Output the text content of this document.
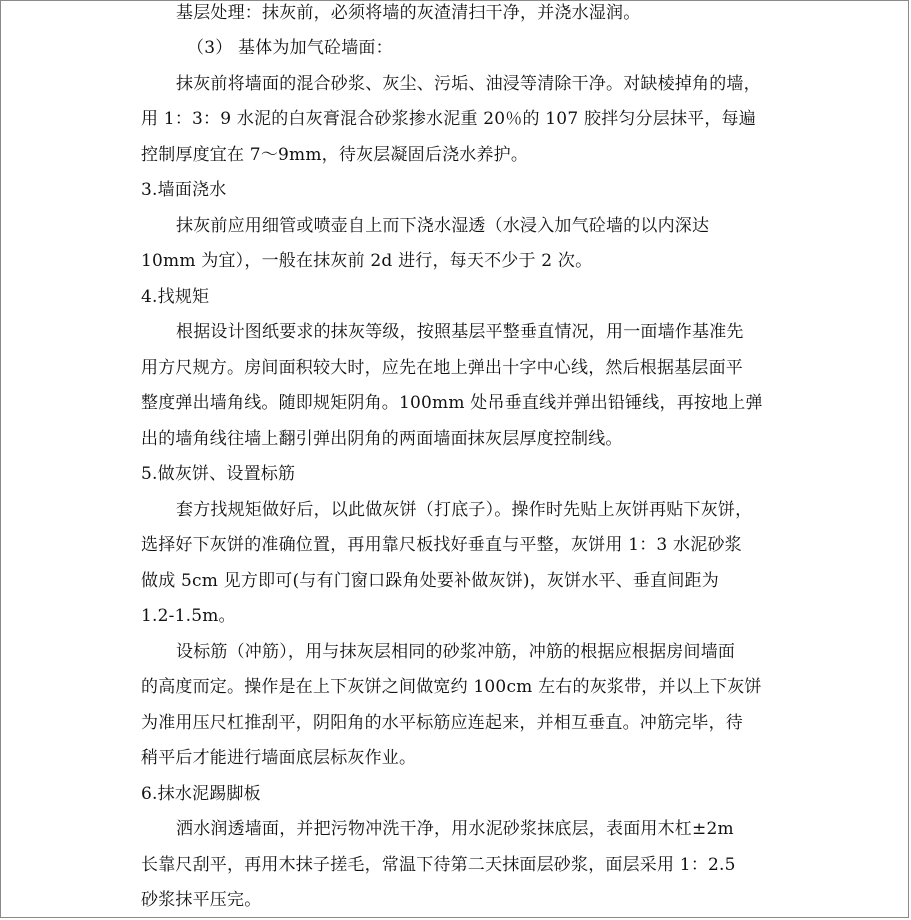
基层处理：抹灰前，必须将墙的灰渣清扫干净，并浇水湿润。
（3） 基体为加气砼墙面：
抹灰前将墙面的混合砂浆、灰尘、污垢、油浸等清除干净。对缺棱掉角的墙，
用 1：3：9 水泥的白灰膏混合砂浆掺水泥重 20％的 107 胶拌匀分层抹平，每遍
控制厚度宜在 7～9mm，待灰层凝固后浇水养护。
3.墙面浇水
抹灰前应用细管或喷壶自上而下浇水湿透（水浸入加气砼墙的以内深达
10mm 为宜），一般在抹灰前 2d 进行，每天不少于 2 次。
4.找规矩
根据设计图纸要求的抹灰等级，按照基层平整垂直情况，用一面墙作基准先
用方尺规方。房间面积较大时，应先在地上弹出十字中心线，然后根据基层面平
整度弹出墙角线。随即规矩阴角。100mm 处吊垂直线并弹出铅锤线，再按地上弹
出的墙角线往墙上翻引弹出阴角的两面墙面抹灰层厚度控制线。
5.做灰饼、设置标筋
套方找规矩做好后，以此做灰饼（打底子）。操作时先贴上灰饼再贴下灰饼，
选择好下灰饼的准确位置，再用靠尺板找好垂直与平整，灰饼用 1：3 水泥砂浆
做成 5cm 见方即可(与有门窗口跺角处要补做灰饼)，灰饼水平、垂直间距为
1.2-1.5m。
设标筋（冲筋），用与抹灰层相同的砂浆冲筋，冲筋的根据应根据房间墙面
的高度而定。操作是在上下灰饼之间做宽约 100cm 左右的灰浆带，并以上下灰饼
为准用压尺杠推刮平，阴阳角的水平标筋应连起来，并相互垂直。冲筋完毕，待
稍平后才能进行墙面底层标灰作业。
6.抹水泥踢脚板
洒水润透墙面，并把污物冲洗干净，用水泥砂浆抹底层，表面用木杠±2m
长靠尺刮平，再用木抹子搓毛，常温下待第二天抹面层砂浆，面层采用 1：2.5
砂浆抹平压完。
